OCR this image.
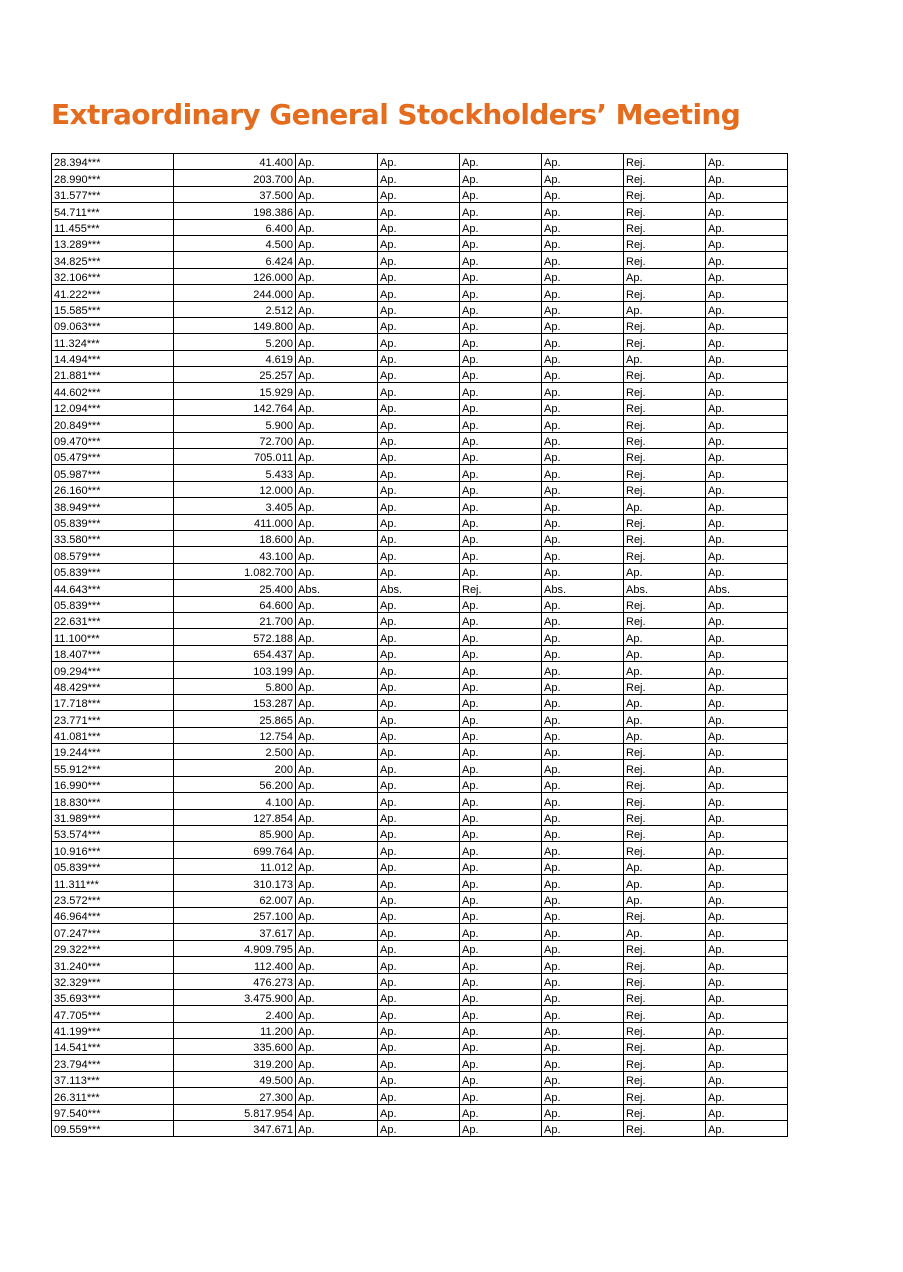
Extraordinary General Stockholders’ Meeting
28.394***	41.400	Ap.	Ap.	Ap.	Ap.	Rej.	Ap.
28.990***	203.700	Ap.	Ap.	Ap.	Ap.	Rej.	Ap.
31.577***	37.500	Ap.	Ap.	Ap.	Ap.	Rej.	Ap.
54.711***	198.386	Ap.	Ap.	Ap.	Ap.	Rej.	Ap.
11.455***	6.400	Ap.	Ap.	Ap.	Ap.	Rej.	Ap.
13.289***	4.500	Ap.	Ap.	Ap.	Ap.	Rej.	Ap.
34.825***	6.424	Ap.	Ap.	Ap.	Ap.	Rej.	Ap.
32.106***	126.000	Ap.	Ap.	Ap.	Ap.	Ap.	Ap.
41.222***	244.000	Ap.	Ap.	Ap.	Ap.	Rej.	Ap.
15.585***	2.512	Ap.	Ap.	Ap.	Ap.	Ap.	Ap.
09.063***	149.800	Ap.	Ap.	Ap.	Ap.	Rej.	Ap.
11.324***	5.200	Ap.	Ap.	Ap.	Ap.	Rej.	Ap.
14.494***	4.619	Ap.	Ap.	Ap.	Ap.	Ap.	Ap.
21.881***	25.257	Ap.	Ap.	Ap.	Ap.	Rej.	Ap.
44.602***	15.929	Ap.	Ap.	Ap.	Ap.	Rej.	Ap.
12.094***	142.764	Ap.	Ap.	Ap.	Ap.	Rej.	Ap.
20.849***	5.900	Ap.	Ap.	Ap.	Ap.	Rej.	Ap.
09.470***	72.700	Ap.	Ap.	Ap.	Ap.	Rej.	Ap.
05.479***	705.011	Ap.	Ap.	Ap.	Ap.	Rej.	Ap.
05.987***	5.433	Ap.	Ap.	Ap.	Ap.	Rej.	Ap.
26.160***	12.000	Ap.	Ap.	Ap.	Ap.	Rej.	Ap.
38.949***	3.405	Ap.	Ap.	Ap.	Ap.	Ap.	Ap.
05.839***	411.000	Ap.	Ap.	Ap.	Ap.	Rej.	Ap.
33.580***	18.600	Ap.	Ap.	Ap.	Ap.	Rej.	Ap.
08.579***	43.100	Ap.	Ap.	Ap.	Ap.	Rej.	Ap.
05.839***	1.082.700	Ap.	Ap.	Ap.	Ap.	Ap.	Ap.
44.643***	25.400	Abs.	Abs.	Rej.	Abs.	Abs.	Abs.
05.839***	64.600	Ap.	Ap.	Ap.	Ap.	Rej.	Ap.
22.631***	21.700	Ap.	Ap.	Ap.	Ap.	Rej.	Ap.
11.100***	572.188	Ap.	Ap.	Ap.	Ap.	Ap.	Ap.
18.407***	654.437	Ap.	Ap.	Ap.	Ap.	Ap.	Ap.
09.294***	103.199	Ap.	Ap.	Ap.	Ap.	Ap.	Ap.
48.429***	5.800	Ap.	Ap.	Ap.	Ap.	Rej.	Ap.
17.718***	153.287	Ap.	Ap.	Ap.	Ap.	Ap.	Ap.
23.771***	25.865	Ap.	Ap.	Ap.	Ap.	Ap.	Ap.
41.081***	12.754	Ap.	Ap.	Ap.	Ap.	Ap.	Ap.
19.244***	2.500	Ap.	Ap.	Ap.	Ap.	Rej.	Ap.
55.912***	200	Ap.	Ap.	Ap.	Ap.	Rej.	Ap.
16.990***	56.200	Ap.	Ap.	Ap.	Ap.	Rej.	Ap.
18.830***	4.100	Ap.	Ap.	Ap.	Ap.	Rej.	Ap.
31.989***	127.854	Ap.	Ap.	Ap.	Ap.	Rej.	Ap.
53.574***	85.900	Ap.	Ap.	Ap.	Ap.	Rej.	Ap.
10.916***	699.764	Ap.	Ap.	Ap.	Ap.	Rej.	Ap.
05.839***	11.012	Ap.	Ap.	Ap.	Ap.	Ap.	Ap.
11.311***	310.173	Ap.	Ap.	Ap.	Ap.	Ap.	Ap.
23.572***	62.007	Ap.	Ap.	Ap.	Ap.	Ap.	Ap.
46.964***	257.100	Ap.	Ap.	Ap.	Ap.	Rej.	Ap.
07.247***	37.617	Ap.	Ap.	Ap.	Ap.	Ap.	Ap.
29.322***	4.909.795	Ap.	Ap.	Ap.	Ap.	Rej.	Ap.
31.240***	112.400	Ap.	Ap.	Ap.	Ap.	Rej.	Ap.
32.329***	476.273	Ap.	Ap.	Ap.	Ap.	Rej.	Ap.
35.693***	3.475.900	Ap.	Ap.	Ap.	Ap.	Rej.	Ap.
47.705***	2.400	Ap.	Ap.	Ap.	Ap.	Rej.	Ap.
41.199***	11.200	Ap.	Ap.	Ap.	Ap.	Rej.	Ap.
14.541***	335.600	Ap.	Ap.	Ap.	Ap.	Rej.	Ap.
23.794***	319.200	Ap.	Ap.	Ap.	Ap.	Rej.	Ap.
37.113***	49.500	Ap.	Ap.	Ap.	Ap.	Rej.	Ap.
26.311***	27.300	Ap.	Ap.	Ap.	Ap.	Rej.	Ap.
97.540***	5.817.954	Ap.	Ap.	Ap.	Ap.	Rej.	Ap.
09.559***	347.671	Ap.	Ap.	Ap.	Ap.	Rej.	Ap.
